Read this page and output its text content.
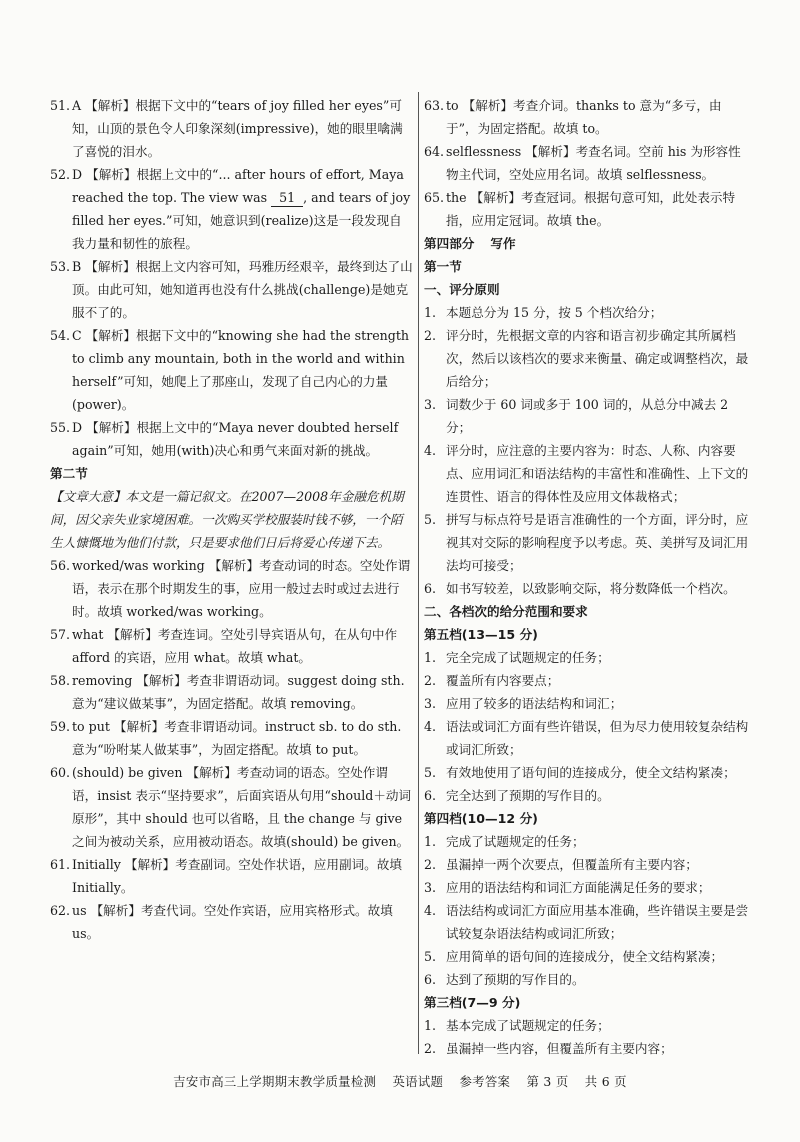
51. A 【解析】根据下文中的“tears of joy filled her eyes”可知，山顶的景色令人印象深刻(impressive)，她的眼里噙满了喜悦的泪水。
52. D 【解析】根据上文中的“... after hours of effort, Maya reached the top. The view was 51 , and tears of joy filled her eyes.”可知，她意识到(realize)这是一段发现自我力量和韧性的旅程。
53. B 【解析】根据上文内容可知，玛雅历经艰辛，最终到达了山顶。由此可知，她知道再也没有什么挑战(challenge)是她克服不了的。
54. C 【解析】根据下文中的“knowing she had the strength to climb any mountain, both in the world and within herself”可知，她爬上了那座山，发现了自己内心的力量(power)。
55. D 【解析】根据上文中的“Maya never doubted herself again”可知，她用(with)决心和勇气来面对新的挑战。
第二节
【文章大意】本文是一篇记叙文。在2007—2008年金融危机期间，因父亲失业家境困难。一次购买学校服装时钱不够，一个陌生人慷慨地为他们付款，只是要求他们日后将爱心传递下去。
56. worked/was working 【解析】考查动词的时态。空处作谓语，表示在那个时期发生的事，应用一般过去时或过去进行时。故填 worked/was working。
57. what 【解析】考查连词。空处引导宾语从句，在从句中作 afford 的宾语，应用 what。故填 what。
58. removing 【解析】考查非谓语动词。suggest doing sth.意为“建议做某事”，为固定搭配。故填 removing。
59. to put 【解析】考查非谓语动词。instruct sb. to do sth.意为“吩咐某人做某事”，为固定搭配。故填 to put。
60. (should) be given 【解析】考查动词的语态。空处作谓语，insist 表示“坚持要求”，后面宾语从句用“should＋动词原形”，其中 should 也可以省略，且 the change 与 give 之间为被动关系，应用被动语态。故填(should) be given。
61. Initially 【解析】考查副词。空处作状语，应用副词。故填 Initially。
62. us 【解析】考查代词。空处作宾语，应用宾格形式。故填 us。
63. to 【解析】考查介词。thanks to 意为“多亏，由于”，为固定搭配。故填 to。
64. selflessness 【解析】考查名词。空前 his 为形容性物主代词，空处应用名词。故填 selflessness。
65. the 【解析】考查冠词。根据句意可知，此处表示特指，应用定冠词。故填 the。
第四部分 写作
第一节
一、评分原则
1. 本题总分为 15 分，按 5 个档次给分；
2. 评分时，先根据文章的内容和语言初步确定其所属档次，然后以该档次的要求来衡量、确定或调整档次，最后给分；
3. 词数少于 60 词或多于 100 词的，从总分中减去 2 分；
4. 评分时，应注意的主要内容为：时态、人称、内容要点、应用词汇和语法结构的丰富性和准确性、上下文的连贯性、语言的得体性及应用文体裁格式；
5. 拼写与标点符号是语言准确性的一个方面，评分时，应视其对交际的影响程度予以考虑。英、美拼写及词汇用法均可接受；
6. 如书写较差，以致影响交际，将分数降低一个档次。
二、各档次的给分范围和要求
第五档(13—15 分)
1. 完全完成了试题规定的任务；
2. 覆盖所有内容要点；
3. 应用了较多的语法结构和词汇；
4. 语法或词汇方面有些许错误，但为尽力使用较复杂结构或词汇所致；
5. 有效地使用了语句间的连接成分，使全文结构紧凑；
6. 完全达到了预期的写作目的。
第四档(10—12 分)
1. 完成了试题规定的任务；
2. 虽漏掉一两个次要点，但覆盖所有主要内容；
3. 应用的语法结构和词汇方面能满足任务的要求；
4. 语法结构或词汇方面应用基本准确，些许错误主要是尝试较复杂语法结构或词汇所致；
5. 应用简单的语句间的连接成分，使全文结构紧凑；
6. 达到了预期的写作目的。
第三档(7—9 分)
1. 基本完成了试题规定的任务；
2. 虽漏掉一些内容，但覆盖所有主要内容；
吉安市高三上学期期末教学质量检测 英语试题 参考答案 第 3 页 共 6 页
